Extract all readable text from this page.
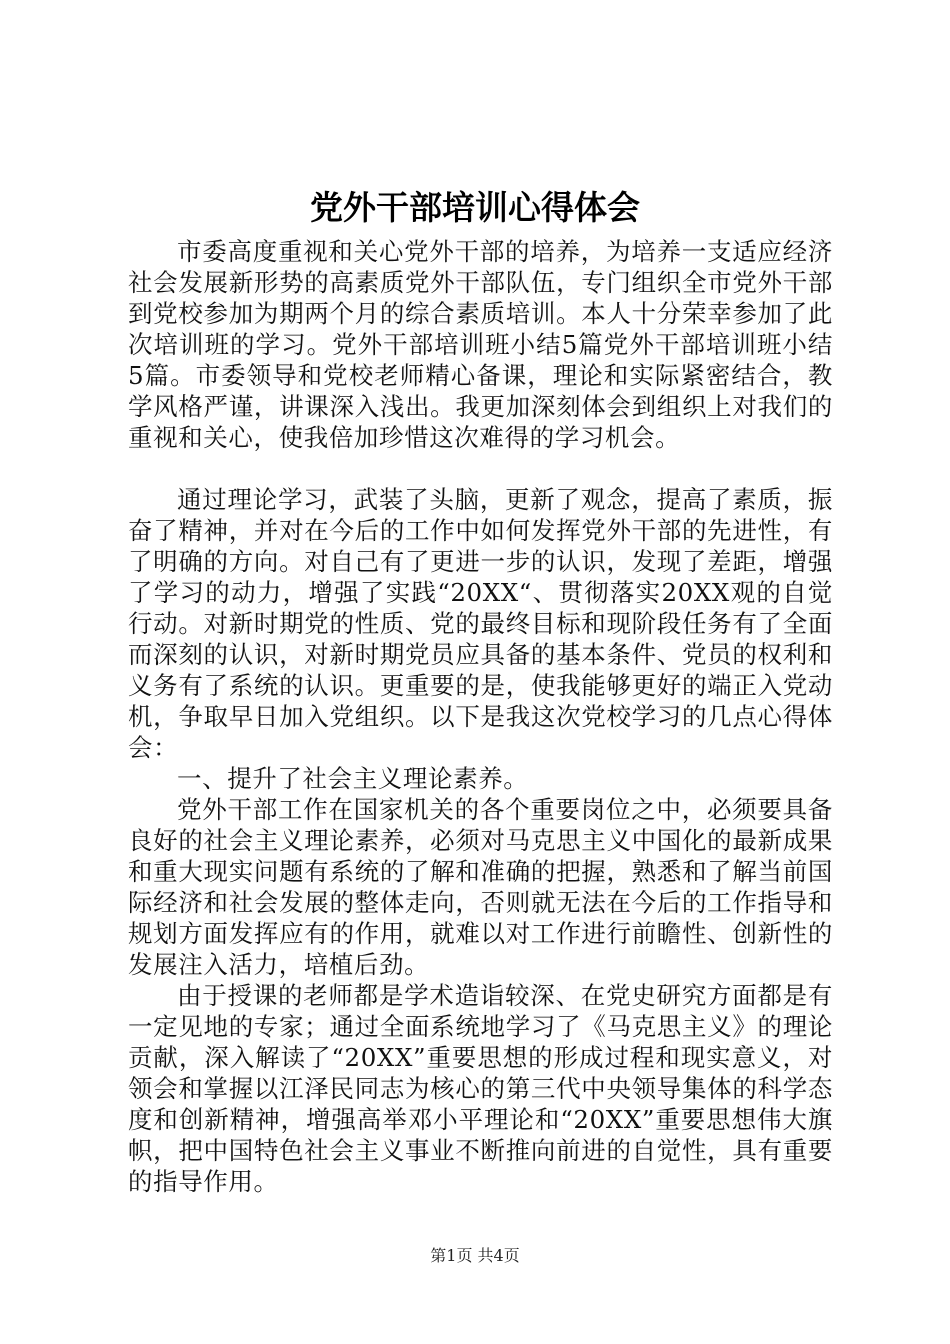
党外干部培训心得体会

市委高度重视和关心党外干部的培养，为培养一支适应经济社会发展新形势的高素质党外干部队伍，专门组织全市党外干部到党校参加为期两个月的综合素质培训。本人十分荣幸参加了此次培训班的学习。党外干部培训班小结5篇党外干部培训班小结5篇。市委领导和党校老师精心备课，理论和实际紧密结合，教学风格严谨，讲课深入浅出。我更加深刻体会到组织上对我们的重视和关心，使我倍加珍惜这次难得的学习机会。

通过理论学习，武装了头脑，更新了观念，提高了素质，振奋了精神，并对在今后的工作中如何发挥党外干部的先进性，有了明确的方向。对自己有了更进一步的认识，发现了差距，增强了学习的动力，增强了实践“20XX“、贯彻落实20XX观的自觉行动。对新时期党的性质、党的最终目标和现阶段任务有了全面而深刻的认识，对新时期党员应具备的基本条件、党员的权利和义务有了系统的认识。更重要的是，使我能够更好的端正入党动机，争取早日加入党组织。以下是我这次党校学习的几点心得体会：

一、提升了社会主义理论素养。

党外干部工作在国家机关的各个重要岗位之中，必须要具备良好的社会主义理论素养，必须对马克思主义中国化的最新成果和重大现实问题有系统的了解和准确的把握，熟悉和了解当前国际经济和社会发展的整体走向，否则就无法在今后的工作指导和规划方面发挥应有的作用，就难以对工作进行前瞻性、创新性的发展注入活力，培植后劲。

由于授课的老师都是学术造诣较深、在党史研究方面都是有一定见地的专家；通过全面系统地学习了《马克思主义》的理论贡献，深入解读了“20XX”重要思想的形成过程和现实意义，对领会和掌握以江泽民同志为核心的第三代中央领导集体的科学态度和创新精神，增强高举邓小平理论和“20XX”重要思想伟大旗帜，把中国特色社会主义事业不断推向前进的自觉性，具有重要的指导作用。

第1页 共4页
